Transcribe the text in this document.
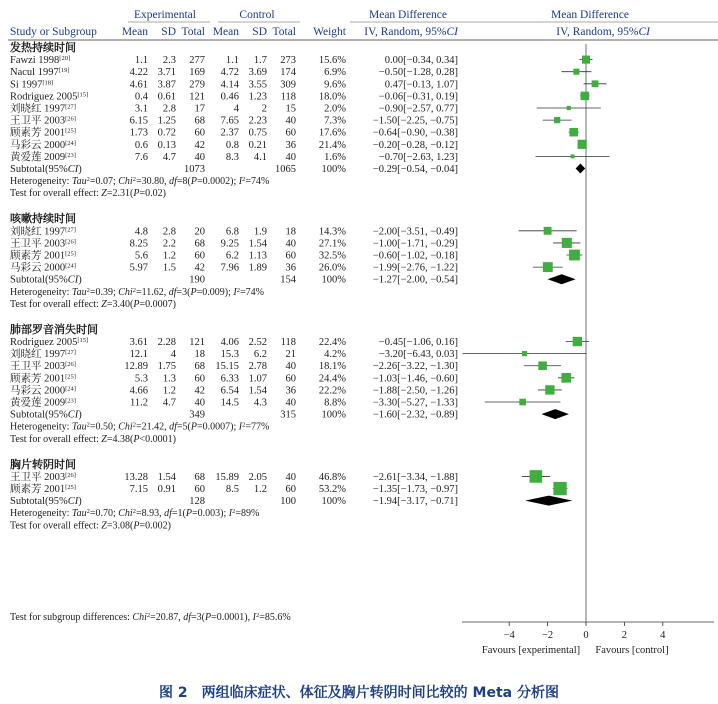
Experimental	Control	Mean Difference	Mean Difference
Study or Subgroup Mean SD Total Mean SD Total Weight IV, Random, 95%CI	IV, Random, 95%CI
发热持续时间
Fawzi 1998[20]	1.1 2.3 277 1.1 1.7 273 15.6%	0.00[−0.34, 0.34]
Nacul 1997[19]	4.22 3.71 169 4.72 3.69 174	6.9%	−0.50[−1.28, 0.28]
Si 1997[18]	4.61 3.87 279 4.14 3.55 309	9.6%	0.47[−0.13, 1.07]
Rodriguez 2005[15]	0.4 0.61 121 0.46 1.23 118 18.0%	−0.06[−0.31, 0.19]
刘晓红 1997[27]	3.1 2.8 17	4 2 15	2.0%	−0.90[−2.57, 0.77]
王卫平 2003[26]	6.15 1.25 68 7.65 2.23 40	7.3%	−1.50[−2.25, −0.75]
顾素芳 2001[25]	1.73 0.72 60 2.37 0.75 60 17.6%	−0.64[−0.90, −0.38]
马彩云 2000[24]	0.6 0.13 42 0.8 0.21 36 21.4%	−0.20[−0.28, −0.12]
黄爱莲 2009[23]	7.6 4.7 40 8.3 4.1 40	1.6%	−0.70[−2.63, 1.23]
Subtotal(95%CI)	1073	1065 100%	−0.29[−0.54, −0.04]
Heterogeneity: Tau$^2$=0.07; Chi$^2$=30.80, df=8(P=0.0002); $I^2=74\%$
Test for overall effect: Z=2.31(P=0.02)
咳嗽持续时间
刘晓红 1997[27]	4.8 2.8 20 6.8 1.9 18 14.3%	−2.00[−3.51, −0.49]
王卫平 2003[26]	8.25 2.2 68 9.25 1.54 40 27.1%	−1.00[−1.71, −0.29]
顾素芳 2001[25]	5.6 1.2 60 6.2 1.13 60 32.5%	−0.60[−1.02, −0.18]
马彩云 2000[24]	5.97 1.5 42 7.96 1.89 36 26.0%	−1.99[−2.76, −1.22]
Subtotal(95%CI)	190	154 100%	−1.27[−2.00, −0.54]
Heterogeneity: Tau$^2$=0.39; Chi$^2$=11.62, df=3(P=0.009); $I^2=74\%$
Test for overall effect: Z=3.40(P=0.0007)
肺部罗音消失时间
Rodriguez 2005[15]	3.61 2.28 121 4.06 2.52 118 22.4%	−0.45[−1.06, 0.16]
刘晓红 1997[27]	12.1 4 18 15.3 6.2 21	4.2%	−3.20[−6.43, 0.03]
王卫平 2003[26]	12.89 1.75 68 15.15 2.78 40 18.1%	−2.26[−3.22, −1.30]
顾素芳 2001[25]	5.3 1.3 60 6.33 1.07 60 24.4%	−1.03[−1.46, −0.60]
马彩云 2000[24]	4.66 1.2 42 6.54 1.54 36 22.2%	−1.88[−2.50, −1.26]
黄爱莲 2009[23]	11.2 4.7 40 14.5 4.3 40	8.8%	−3.30[−5.27, −1.33]
Subtotal(95%CI)	349	315 100%	−1.60[−2.32, −0.89]
Heterogeneity: Tau$^2$=0.50; Chi$^2$=21.42, df=5(P=0.0007); $I^2=77\%$
Test for overall effect: Z=4.38(P<0.0001)
胸片转阴时间
王卫平 2003[26]	13.28 1.54 68 15.89 2.05 40 46.8%	−2.61[−3.34, −1.88]
顾素芳 2001[25]	7.15 0.91 60 8.5 1.2 60 53.2%	−1.35[−1.73, −0.97]
Subtotal(95%CI)	128	100 100%	−1.94[−3.17, −0.71]
Heterogeneity: Tau$^2$=0.70; Chi$^2$=8.93, df=1(P=0.003); $I^2=89\%$
Test for overall effect: Z=3.08(P=0.002)
Test for subgroup differences: Chi$^2$=20.87, df=3(P=0.0001), $I^2=85.6\%$
−4	−2	0	2	4
Favours [experimental] Favours [control]
图 2　两组临床症状、体征及胸片转阴时间比较的 Meta 分析图
